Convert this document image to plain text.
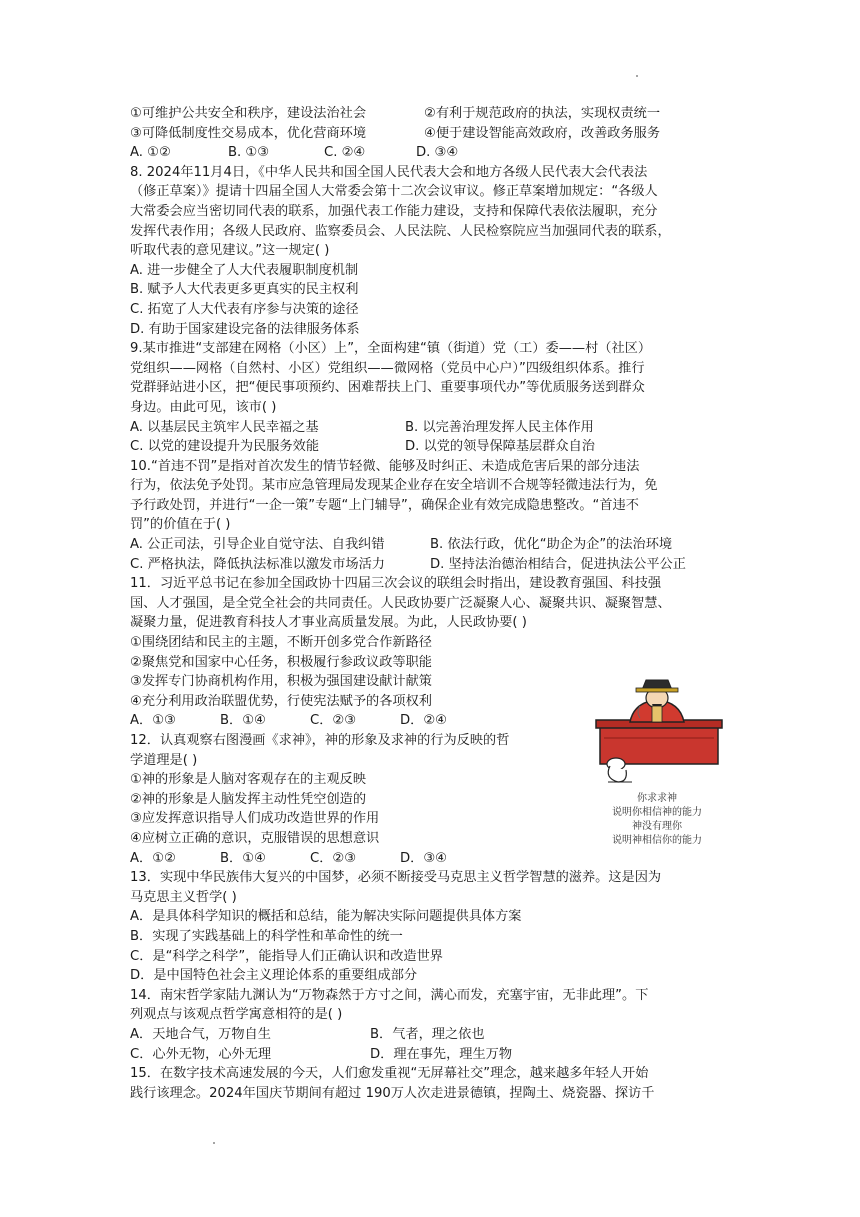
①可维护公共安全和秩序，建设法治社会	②有利于规范政府的执法，实现权责统一
③可降低制度性交易成本，优化营商环境	④便于建设智能高效政府，改善政务服务
A. ①②	B. ①③	C. ②④	D. ③④
8. 2024年11月4日，《中华人民共和国全国人民代表大会和地方各级人民代表大会代表法
（修正草案）》提请十四届全国人大常委会第十二次会议审议。修正草案增加规定：“各级人
大常委会应当密切同代表的联系，加强代表工作能力建设，支持和保障代表依法履职，充分
发挥代表作用；各级人民政府、监察委员会、人民法院、人民检察院应当加强同代表的联系，
听取代表的意见建议。”这一规定( )
A. 进一步健全了人大代表履职制度机制
B. 赋予人大代表更多更真实的民主权利
C. 拓宽了人大代表有序参与决策的途径
D. 有助于国家建设完备的法律服务体系
9.某市推进“支部建在网格（小区）上”，全面构建“镇（街道）党（工）委——村（社区）
党组织——网格（自然村、小区）党组织——微网格（党员中心户）”四级组织体系。推行
党群驿站进小区，把“便民事项预约、困难帮扶上门、重要事项代办”等优质服务送到群众
身边。由此可见，该市( )
A. 以基层民主筑牢人民幸福之基	B. 以完善治理发挥人民主体作用
C. 以党的建设提升为民服务效能	D. 以党的领导保障基层群众自治
10.“首违不罚”是指对首次发生的情节轻微、能够及时纠正、未造成危害后果的部分违法
行为，依法免予处罚。某市应急管理局发现某企业存在安全培训不合规等轻微违法行为，免
予行政处罚，并进行“一企一策”专题“上门辅导”，确保企业有效完成隐患整改。“首违不
罚”的价值在于( )
A. 公正司法，引导企业自觉守法、自我纠错	B. 依法行政，优化“助企为企”的法治环境
C. 严格执法，降低执法标准以激发市场活力	D. 坚持法治德治相结合，促进执法公平公正
11．习近平总书记在参加全国政协十四届三次会议的联组会时指出，建设教育强国、科技强
国、人才强国，是全党全社会的共同责任。人民政协要广泛凝聚人心、凝聚共识、凝聚智慧、
凝聚力量，促进教育科技人才事业高质量发展。为此，人民政协要( )
①围绕团结和民主的主题，不断开创多党合作新路径
②聚焦党和国家中心任务，积极履行参政议政等职能
③发挥专门协商机构作用，积极为强国建设献计献策
④充分利用政治联盟优势，行使宪法赋予的各项权利
A．①③	B．①④	C．②③	D．②④
12．认真观察右图漫画《求神》，神的形象及求神的行为反映的哲
学道理是( )
①神的形象是人脑对客观存在的主观反映
②神的形象是人脑发挥主动性凭空创造的
③应发挥意识指导人们成功改造世界的作用
④应树立正确的意识，克服错误的思想意识
A．①②	B．①④	C．②③	D．③④
13．实现中华民族伟大复兴的中国梦，必须不断接受马克思主义哲学智慧的滋养。这是因为
马克思主义哲学( )
A．是具体科学知识的概括和总结，能为解决实际问题提供具体方案
B．实现了实践基础上的科学性和革命性的统一
C．是“科学之科学”，能指导人们正确认识和改造世界
D．是中国特色社会主义理论体系的重要组成部分
14．南宋哲学家陆九渊认为“万物森然于方寸之间，满心而发，充塞宇宙，无非此理”。下
列观点与该观点哲学寓意相符的是( )
A．天地合气，万物自生	B．气者，理之依也
C．心外无物，心外无理	D．理在事先，理生万物
15．在数字技术高速发展的今天，人们愈发重视“无屏幕社交”理念，越来越多年轻人开始
践行该理念。2024年国庆节期间有超过 190万人次走进景德镇，捏陶土、烧瓷器、探访千
你求求神
说明你相信神的能力
神没有理你
说明神相信你的能力
